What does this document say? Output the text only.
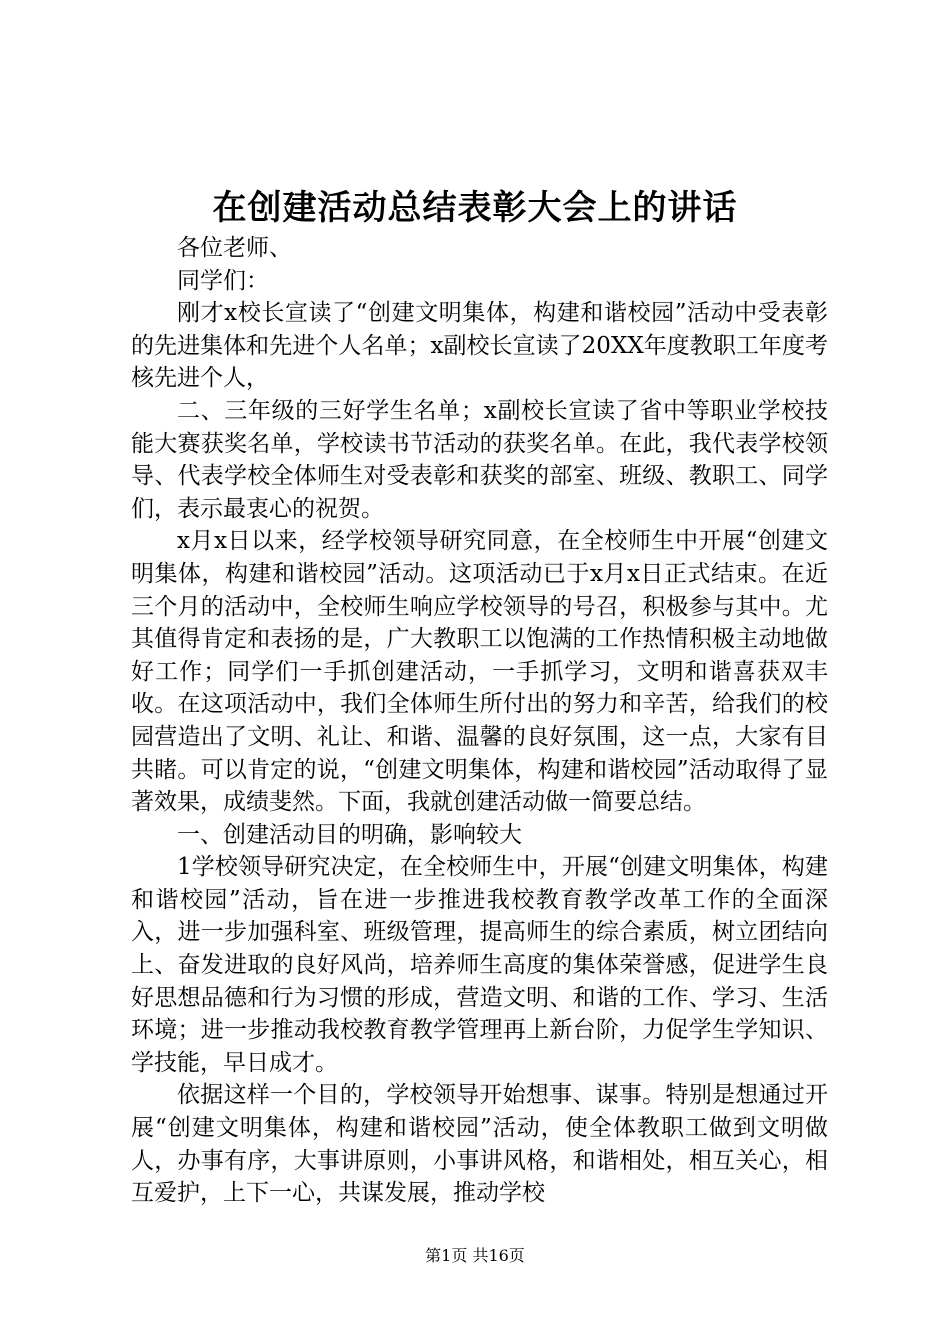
在创建活动总结表彰大会上的讲话

各位老师、

同学们：

刚才x校长宣读了“创建文明集体，构建和谐校园”活动中受表彰的先进集体和先进个人名单；x副校长宣读了20XX年度教职工年度考核先进个人，

二、三年级的三好学生名单；x副校长宣读了省中等职业学校技能大赛获奖名单，学校读书节活动的获奖名单。在此，我代表学校领导、代表学校全体师生对受表彰和获奖的部室、班级、教职工、同学们，表示最衷心的祝贺。

x月x日以来，经学校领导研究同意，在全校师生中开展“创建文明集体，构建和谐校园”活动。这项活动已于x月x日正式结束。在近三个月的活动中，全校师生响应学校领导的号召，积极参与其中。尤其值得肯定和表扬的是，广大教职工以饱满的工作热情积极主动地做好工作；同学们一手抓创建活动，一手抓学习，文明和谐喜获双丰收。在这项活动中，我们全体师生所付出的努力和辛苦，给我们的校园营造出了文明、礼让、和谐、温馨的良好氛围，这一点，大家有目共睹。可以肯定的说，“创建文明集体，构建和谐校园”活动取得了显著效果，成绩斐然。下面，我就创建活动做一简要总结。

一、创建活动目的明确，影响较大

1学校领导研究决定，在全校师生中，开展“创建文明集体，构建和谐校园”活动，旨在进一步推进我校教育教学改革工作的全面深入，进一步加强科室、班级管理，提高师生的综合素质，树立团结向上、奋发进取的良好风尚，培养师生高度的集体荣誉感，促进学生良好思想品德和行为习惯的形成，营造文明、和谐的工作、学习、生活环境；进一步推动我校教育教学管理再上新台阶，力促学生学知识、学技能，早日成才。

依据这样一个目的，学校领导开始想事、谋事。特别是想通过开展“创建文明集体，构建和谐校园”活动，使全体教职工做到文明做人，办事有序，大事讲原则，小事讲风格，和谐相处，相互关心，相互爱护，上下一心，共谋发展，推动学校

第1页 共16页
